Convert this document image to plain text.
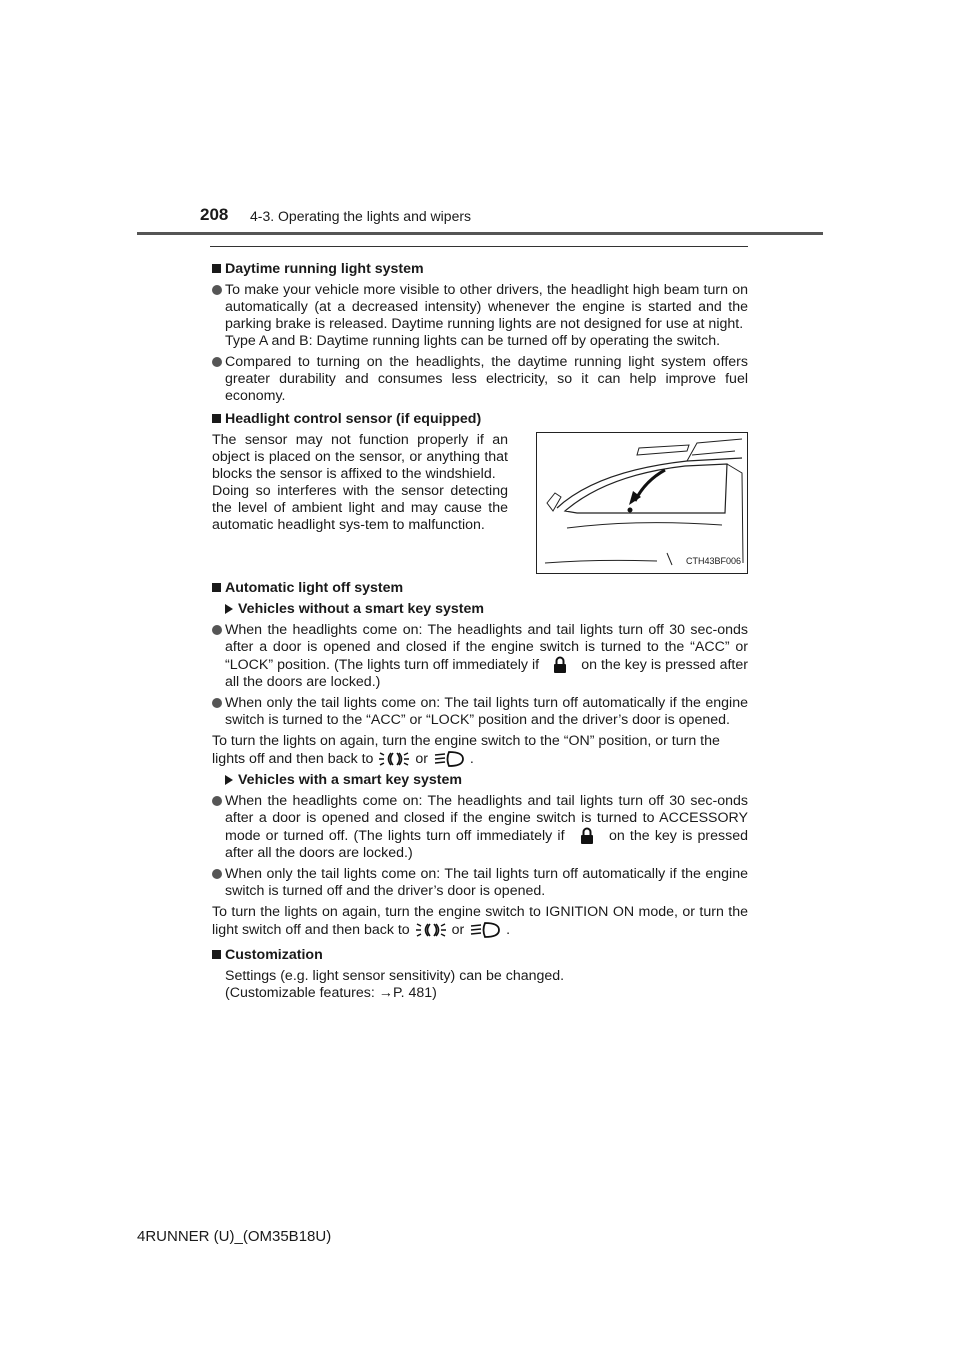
208 4-3. Operating the lights and wipers
Daytime running light system
To make your vehicle more visible to other drivers, the headlight high beam turn on automatically (at a decreased intensity) whenever the engine is started and the parking brake is released. Daytime running lights are not designed for use at night.
Type A and B: Daytime running lights can be turned off by operating the switch.
Compared to turning on the headlights, the daytime running light system offers greater durability and consumes less electricity, so it can help improve fuel economy.
Headlight control sensor (if equipped)
The sensor may not function properly if an object is placed on the sensor, or anything that blocks the sensor is affixed to the windshield.
Doing so interferes with the sensor detecting the level of ambient light and may cause the automatic headlight sys-tem to malfunction.
CTH43BF006
Automatic light off system
Vehicles without a smart key system
When the headlights come on: The headlights and tail lights turn off 30 sec-onds after a door is opened and closed if the engine switch is turned to the “ACC” or “LOCK” position. (The lights turn off immediately if	on the key is pressed after all the doors are locked.)
When only the tail lights come on: The tail lights turn off automatically if the engine switch is turned to the “ACC” or “LOCK” position and the driver’s door is opened.
To turn the lights on again, turn the engine switch to the “ON” position, or turn the lights off and then back to	or	.
Vehicles with a smart key system
When the headlights come on: The headlights and tail lights turn off 30 sec-onds after a door is opened and closed if the engine switch is turned to ACCESSORY mode or turned off. (The lights turn off immediately if	on the key is pressed after all the doors are locked.)
When only the tail lights come on: The tail lights turn off automatically if the engine switch is turned off and the driver’s door is opened.
To turn the lights on again, turn the engine switch to IGNITION ON mode, or turn the light switch off and then back to	or	.
Customization
Settings (e.g. light sensor sensitivity) can be changed.
(Customizable features: →P. 481)
4RUNNER (U)_(OM35B18U)
